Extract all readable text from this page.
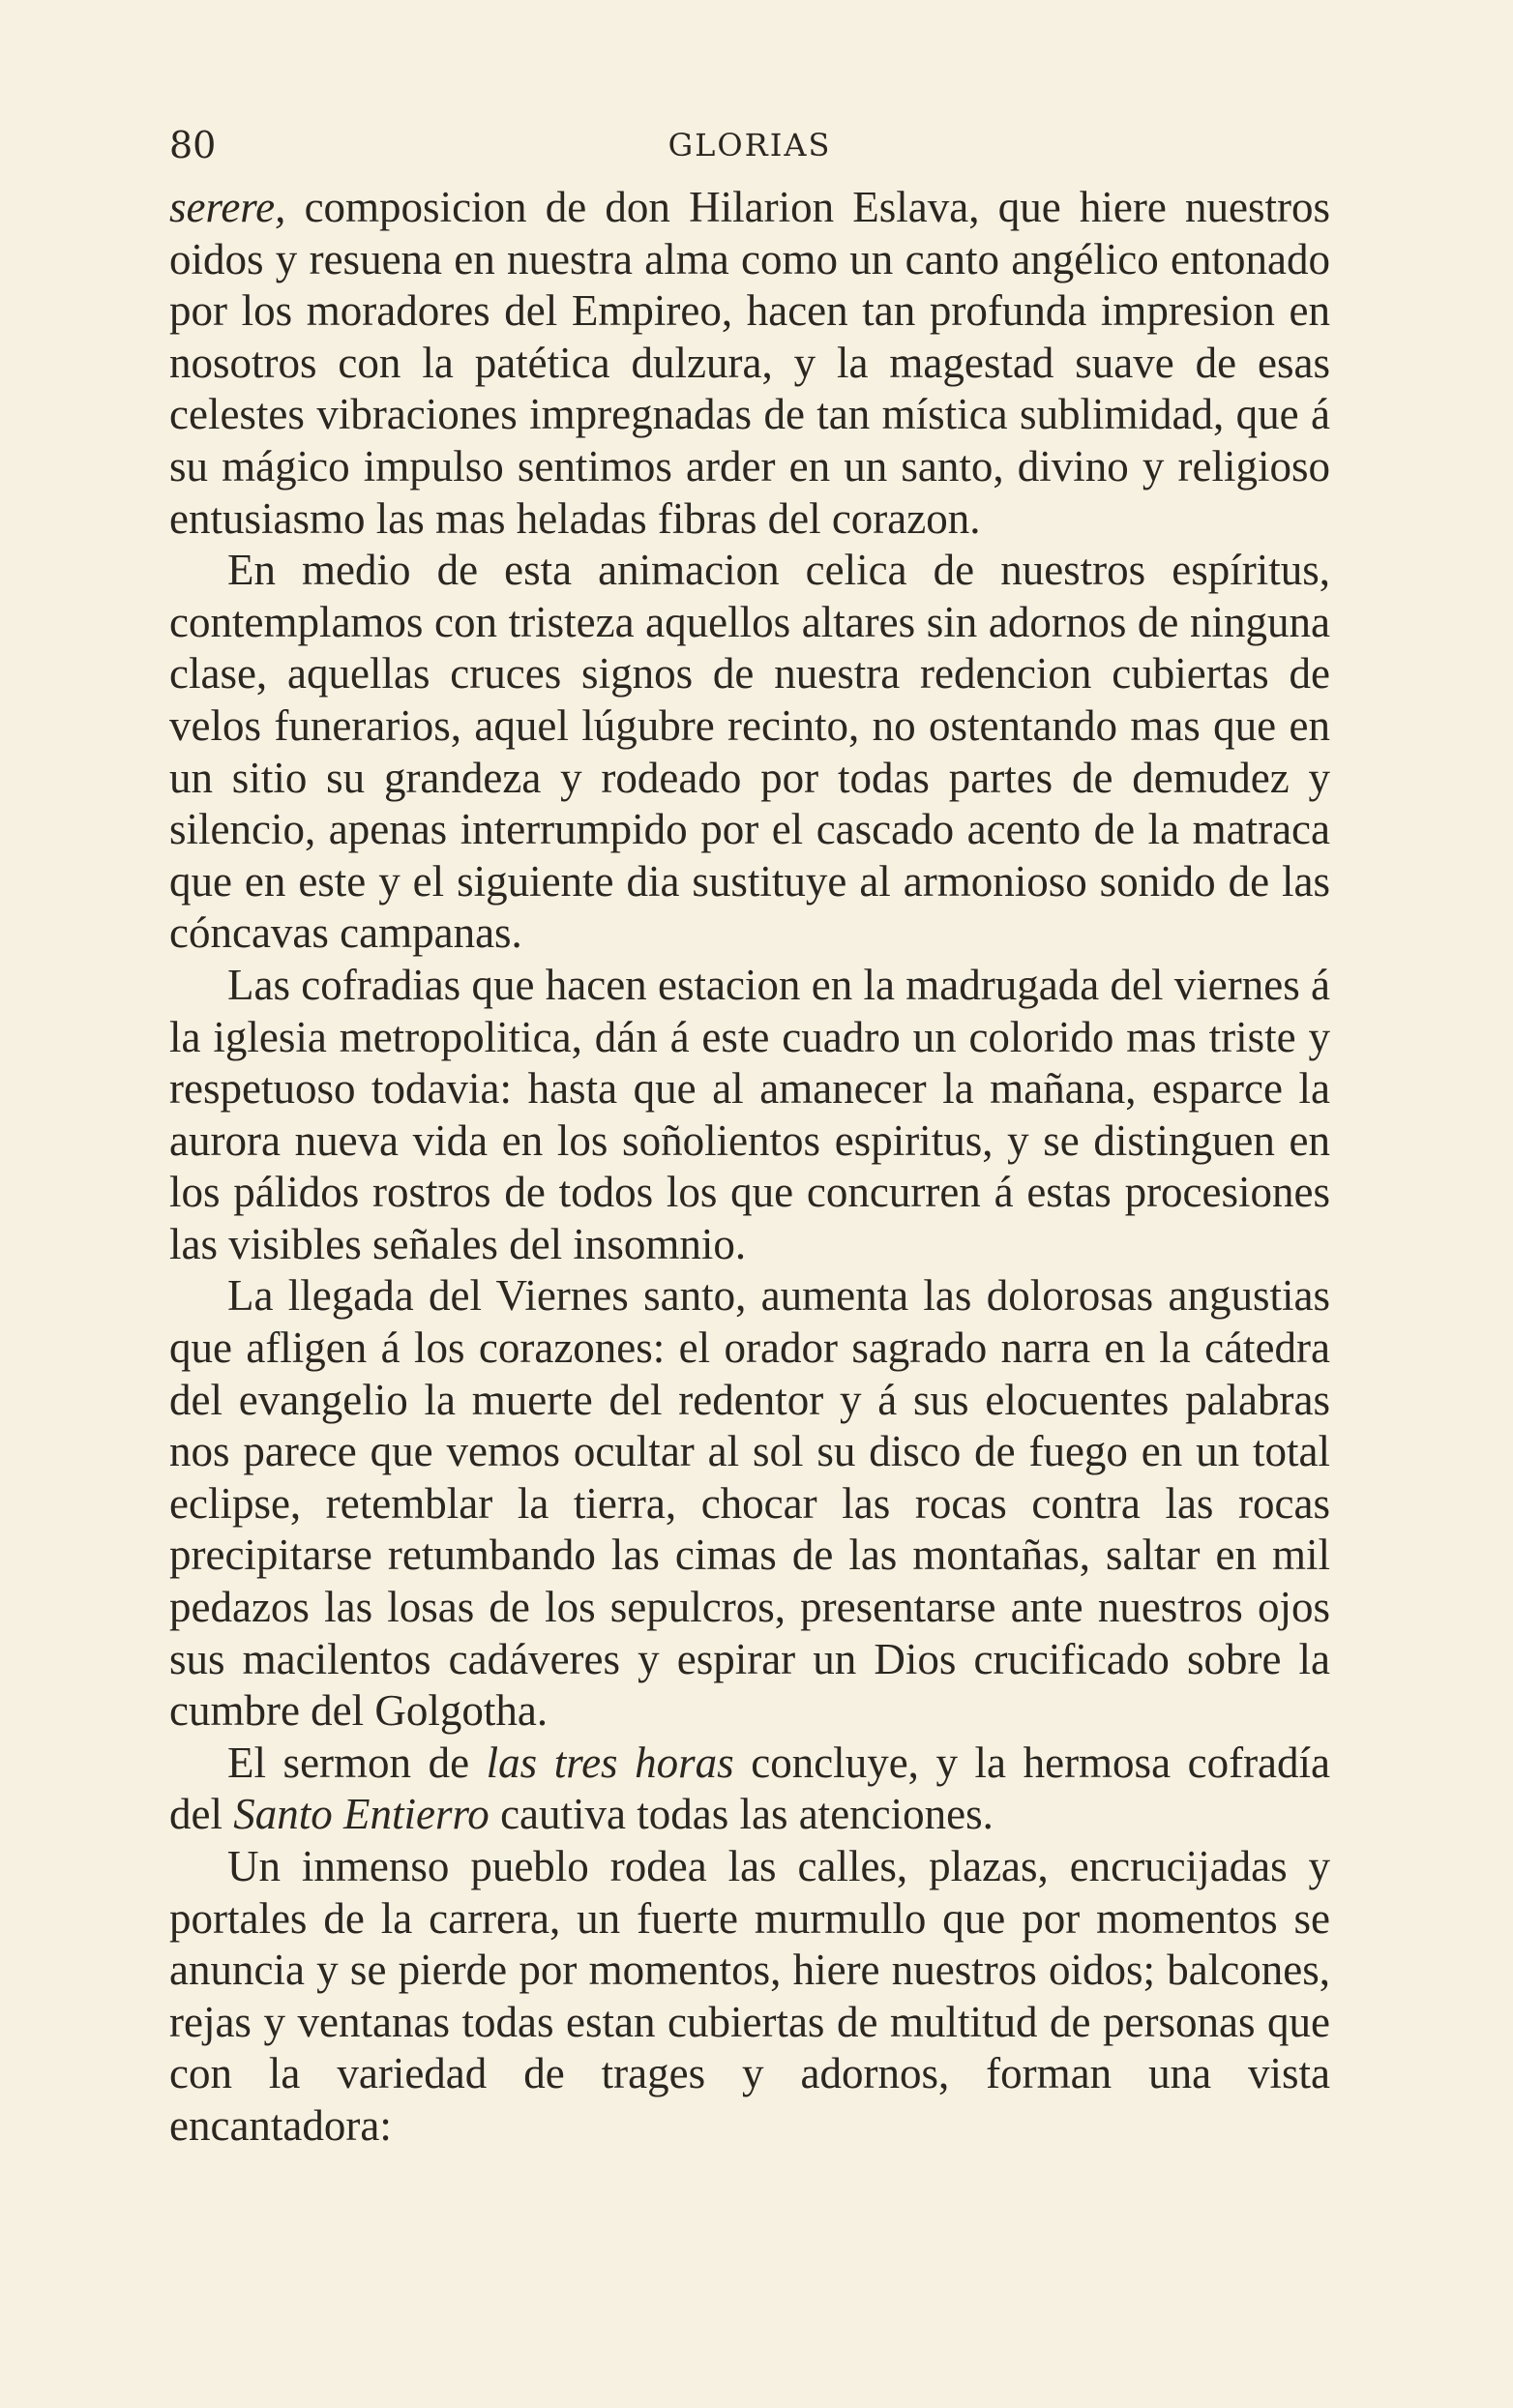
80	GLORIAS

serere, composicion de don Hilarion Eslava, que hiere nuestros oidos y resuena en nuestra alma como un canto angélico entonado por los moradores del Empireo, hacen tan profunda impresion en nosotros con la patética dulzura, y la magestad suave de esas celestes vibraciones impregnadas de tan mística sublimidad, que á su mágico impulso sentimos arder en un santo, divino y religioso entusiasmo las mas heladas fibras del corazon.

En medio de esta animacion celica de nuestros espíritus, contemplamos con tristeza aquellos altares sin adornos de ninguna clase, aquellas cruces signos de nuestra redencion cubiertas de velos funerarios, aquel lúgubre recinto, no ostentando mas que en un sitio su grandeza y rodeado por todas partes de demudez y silencio, apenas interrumpido por el cascado acento de la matraca que en este y el siguiente dia sustituye al armonioso sonido de las cóncavas campanas.

Las cofradias que hacen estacion en la madrugada del viernes á la iglesia metropolitica, dán á este cuadro un colorido mas triste y respetuoso todavia: hasta que al amanecer la mañana, esparce la aurora nueva vida en los soñolientos espiritus, y se distinguen en los pálidos rostros de todos los que concurren á estas procesiones las visibles señales del insomnio.

La llegada del Viernes santo, aumenta las dolorosas angustias que afligen á los corazones: el orador sagrado narra en la cátedra del evangelio la muerte del redentor y á sus elocuentes palabras nos parece que vemos ocultar al sol su disco de fuego en un total eclipse, retemblar la tierra, chocar las rocas contra las rocas precipitarse retumbando las cimas de las montañas, saltar en mil pedazos las losas de los sepulcros, presentarse ante nuestros ojos sus macilentos cadáveres y espirar un Dios crucificado sobre la cumbre del Golgotha.

El sermon de las tres horas concluye, y la hermosa cofradía del Santo Entierro cautiva todas las atenciones.

Un inmenso pueblo rodea las calles, plazas, encrucijadas y portales de la carrera, un fuerte murmullo que por momentos se anuncia y se pierde por momentos, hiere nuestros oidos; balcones, rejas y ventanas todas estan cubiertas de multitud de personas que con la variedad de trages y adornos, forman una vista encantadora:
